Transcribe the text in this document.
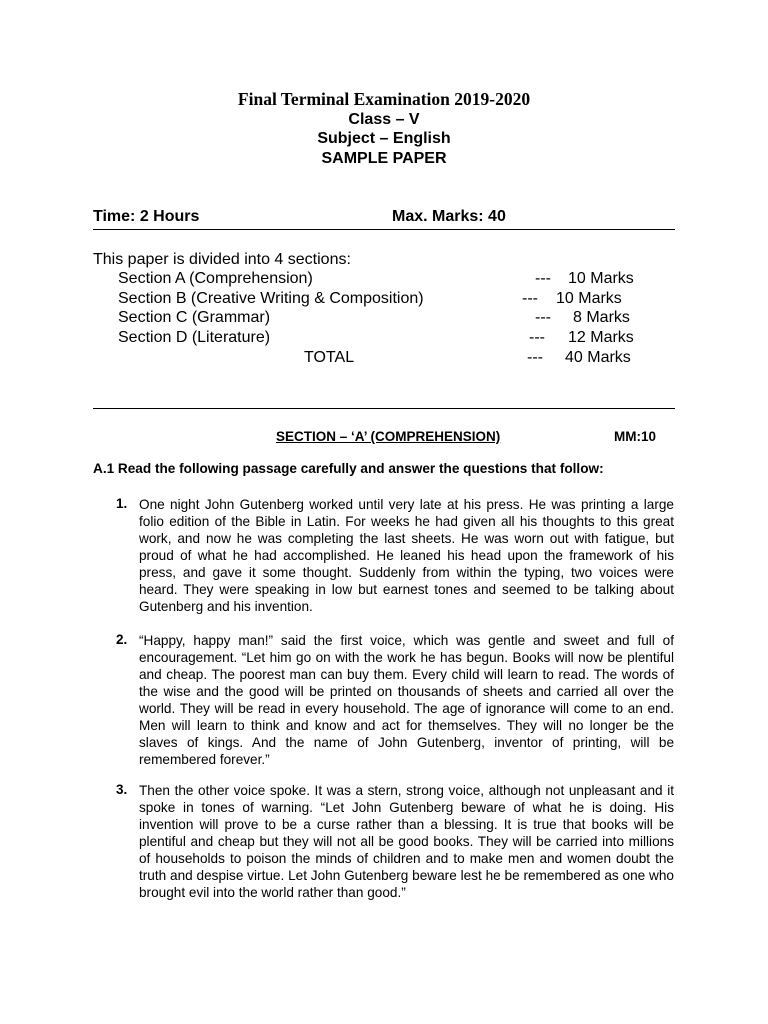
Final Terminal Examination 2019-2020
Class – V
Subject – English
SAMPLE PAPER
Time: 2 Hours	Max. Marks: 40
This paper is divided into 4 sections:
Section A (Comprehension)	--- 10 Marks
Section B (Creative Writing & Composition)	--- 10 Marks
Section C (Grammar)	--- 8 Marks
Section D (Literature)	--- 12 Marks
TOTAL	--- 40 Marks
SECTION – ‘A’ (COMPREHENSION)	MM:10
A.1 Read the following passage carefully and answer the questions that follow:
1. One night John Gutenberg worked until very late at his press. He was printing a large folio edition of the Bible in Latin. For weeks he had given all his thoughts to this great work, and now he was completing the last sheets. He was worn out with fatigue, but proud of what he had accomplished. He leaned his head upon the framework of his press, and gave it some thought. Suddenly from within the typing, two voices were heard. They were speaking in low but earnest tones and seemed to be talking about Gutenberg and his invention.
2. “Happy, happy man!” said the first voice, which was gentle and sweet and full of encouragement. “Let him go on with the work he has begun. Books will now be plentiful and cheap. The poorest man can buy them. Every child will learn to read. The words of the wise and the good will be printed on thousands of sheets and carried all over the world. They will be read in every household. The age of ignorance will come to an end. Men will learn to think and know and act for themselves. They will no longer be the slaves of kings. And the name of John Gutenberg, inventor of printing, will be remembered forever.”
3. Then the other voice spoke. It was a stern, strong voice, although not unpleasant and it spoke in tones of warning. “Let John Gutenberg beware of what he is doing. His invention will prove to be a curse rather than a blessing. It is true that books will be plentiful and cheap but they will not all be good books. They will be carried into millions of households to poison the minds of children and to make men and women doubt the truth and despise virtue. Let John Gutenberg beware lest he be remembered as one who brought evil into the world rather than good.”
